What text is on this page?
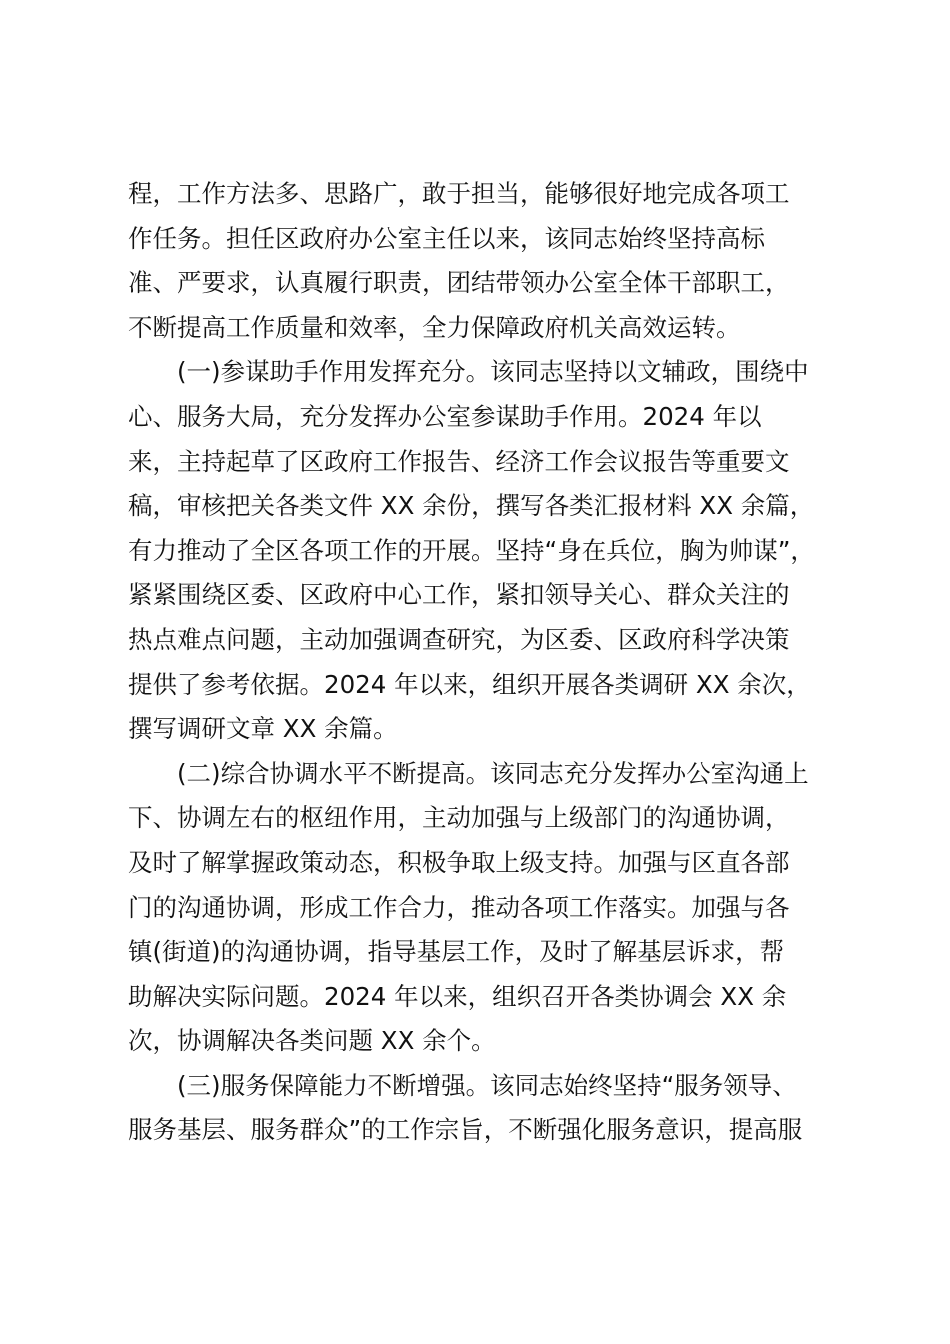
程，工作方法多、思路广，敢于担当，能够很好地完成各项工
作任务。担任区政府办公室主任以来，该同志始终坚持高标
准、严要求，认真履行职责，团结带领办公室全体干部职工，
不断提高工作质量和效率，全力保障政府机关高效运转。
(一)参谋助手作用发挥充分。该同志坚持以文辅政，围绕中
心、服务大局，充分发挥办公室参谋助手作用。2024 年以
来，主持起草了区政府工作报告、经济工作会议报告等重要文
稿，审核把关各类文件 XX 余份，撰写各类汇报材料 XX 余篇，
有力推动了全区各项工作的开展。坚持“身在兵位，胸为帅谋”，
紧紧围绕区委、区政府中心工作，紧扣领导关心、群众关注的
热点难点问题，主动加强调查研究，为区委、区政府科学决策
提供了参考依据。2024 年以来，组织开展各类调研 XX 余次，
撰写调研文章 XX 余篇。
(二)综合协调水平不断提高。该同志充分发挥办公室沟通上
下、协调左右的枢纽作用，主动加强与上级部门的沟通协调，
及时了解掌握政策动态，积极争取上级支持。加强与区直各部
门的沟通协调，形成工作合力，推动各项工作落实。加强与各
镇(街道)的沟通协调，指导基层工作，及时了解基层诉求，帮
助解决实际问题。2024 年以来，组织召开各类协调会 XX 余
次，协调解决各类问题 XX 余个。
(三)服务保障能力不断增强。该同志始终坚持“服务领导、
服务基层、服务群众”的工作宗旨，不断强化服务意识，提高服
